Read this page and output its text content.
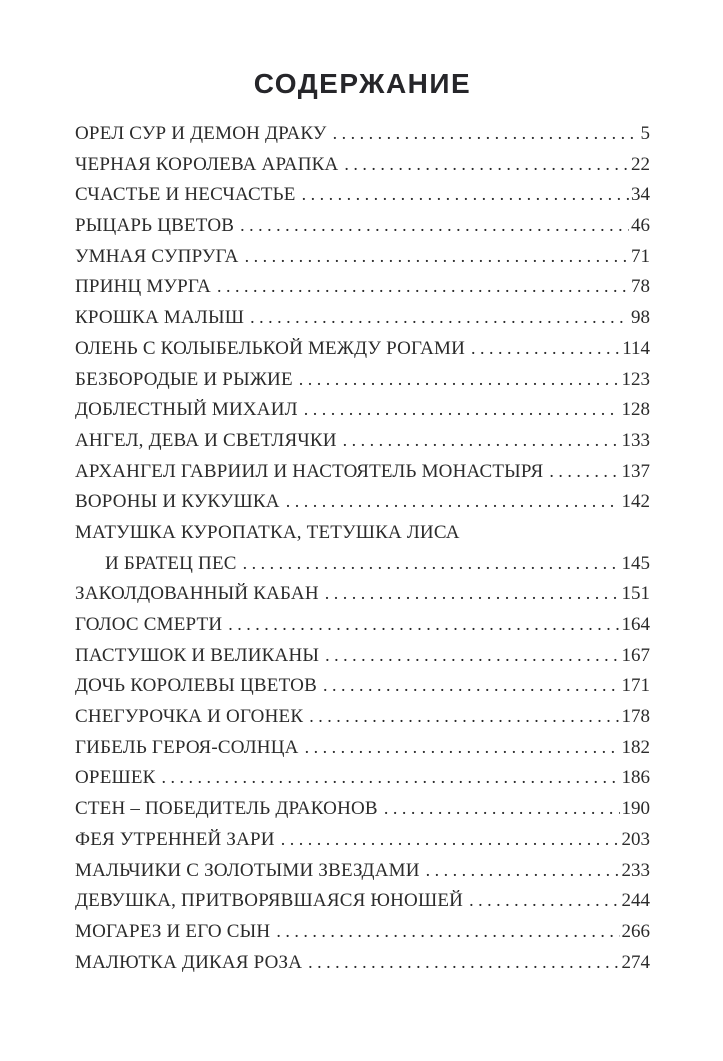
СОДЕРЖАНИЕ
ОРЕЛ СУР И ДЕМОН ДРАКУ .....	5
ЧЕРНАЯ КОРОЛЕВА АРАПКА .....	22
СЧАСТЬЕ И НЕСЧАСТЬЕ .....	34
РЫЦАРЬ ЦВЕТОВ .....	46
УМНАЯ СУПРУГА .....	71
ПРИНЦ МУРГА .....	78
КРОШКА МАЛЫШ .....	98
ОЛЕНЬ С КОЛЫБЕЛЬКОЙ МЕЖДУ РОГАМИ .....	114
БЕЗБОРОДЫЕ И РЫЖИЕ .....	123
ДОБЛЕСТНЫЙ МИХАИЛ .....	128
АНГЕЛ, ДЕВА И СВЕТЛЯЧКИ .....	133
АРХАНГЕЛ ГАВРИИЛ И НАСТОЯТЕЛЬ МОНАСТЫРЯ .....	137
ВОРОНЫ И КУКУШКА .....	142
МАТУШКА КУРОПАТКА, ТЕТУШКА ЛИСА
И БРАТЕЦ ПЕС .....	145
ЗАКОЛДОВАННЫЙ КАБАН .....	151
ГОЛОС СМЕРТИ .....	164
ПАСТУШОК И ВЕЛИКАНЫ .....	167
ДОЧЬ КОРОЛЕВЫ ЦВЕТОВ .....	171
СНЕГУРОЧКА И ОГОНЕК .....	178
ГИБЕЛЬ ГЕРОЯ-СОЛНЦА .....	182
ОРЕШЕК .....	186
СТЕН – ПОБЕДИТЕЛЬ ДРАКОНОВ .....	190
ФЕЯ УТРЕННЕЙ ЗАРИ .....	203
МАЛЬЧИКИ С ЗОЛОТЫМИ ЗВЕЗДАМИ .....	233
ДЕВУШКА, ПРИТВОРЯВШАЯСЯ ЮНОШЕЙ .....	244
МОГАРЕЗ И ЕГО СЫН .....	266
МАЛЮТКА ДИКАЯ РОЗА .....	274
